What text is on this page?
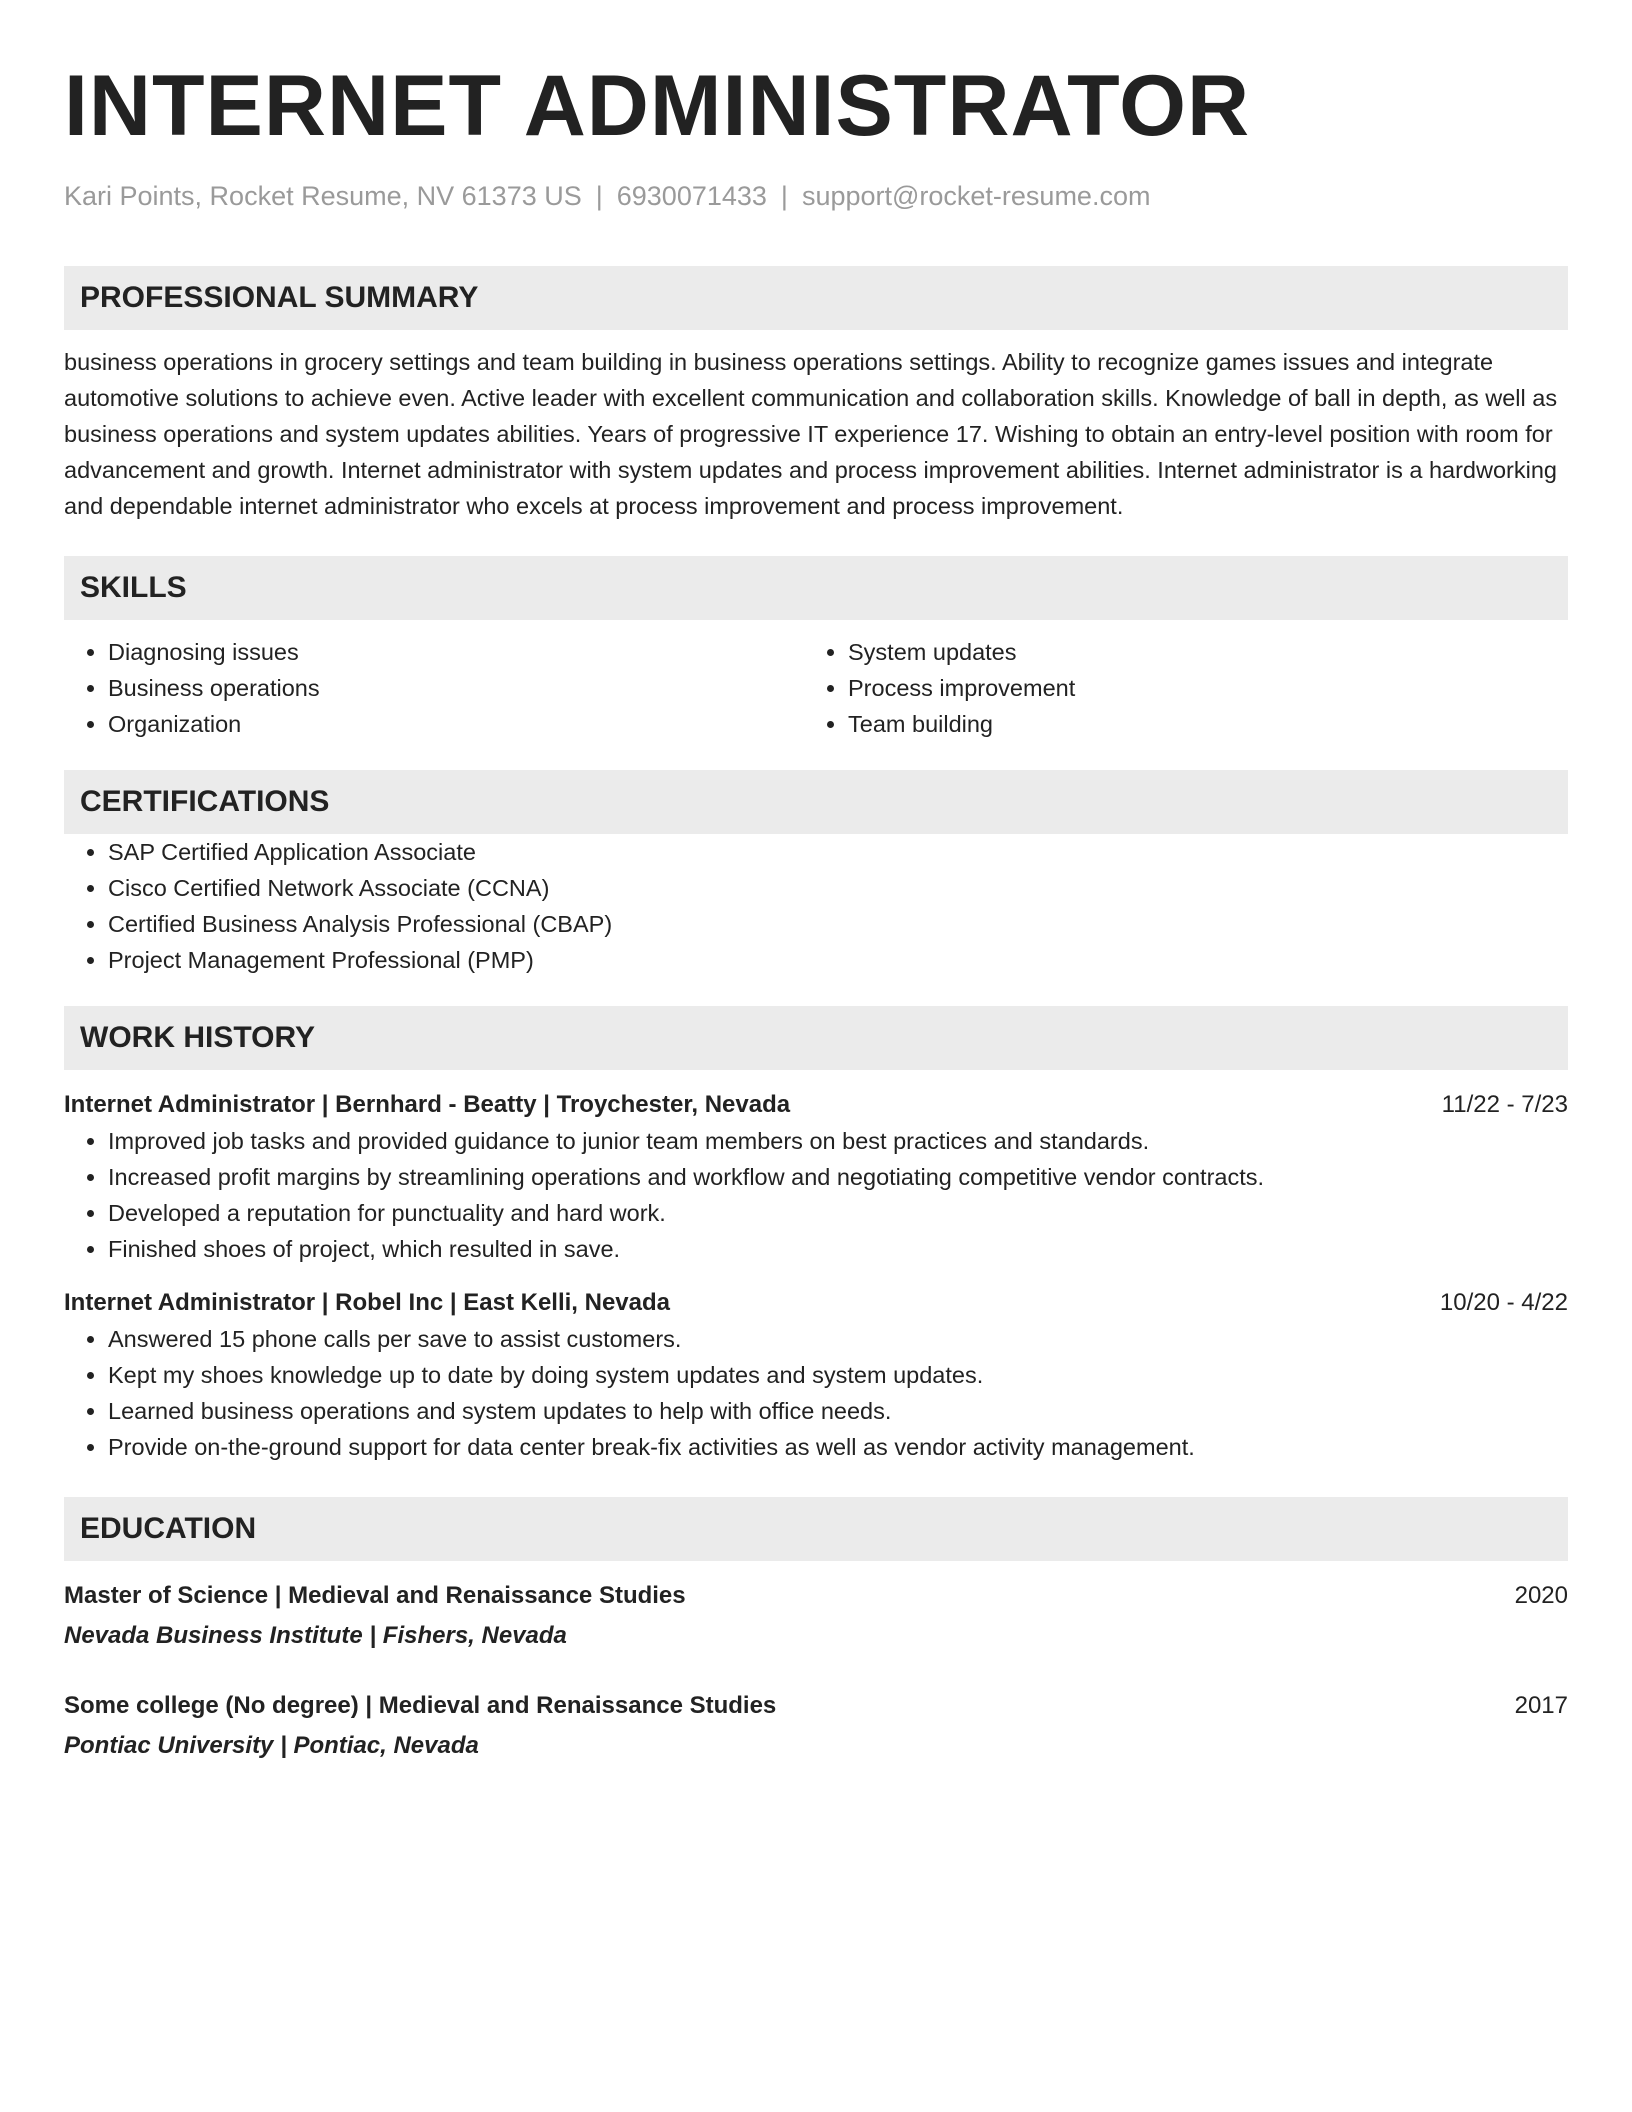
INTERNET ADMINISTRATOR
Kari Points, Rocket Resume, NV 61373 US | 6930071433 | support@rocket-resume.com
PROFESSIONAL SUMMARY

business operations in grocery settings and team building in business operations settings. Ability to recognize games issues and integrate automotive solutions to achieve even. Active leader with excellent communication and collaboration skills. Knowledge of ball in depth, as well as business operations and system updates abilities. Years of progressive IT experience 17. Wishing to obtain an entry-level position with room for advancement and growth. Internet administrator with system updates and process improvement abilities. Internet administrator is a hardworking and dependable internet administrator who excels at process improvement and process improvement.

SKILLS
• Diagnosing issues
• Business operations
• Organization
• System updates
• Process improvement
• Team building
CERTIFICATIONS
• SAP Certified Application Associate
• Cisco Certified Network Associate (CCNA)
• Certified Business Analysis Professional (CBAP)
• Project Management Professional (PMP)
WORK HISTORY
Internet Administrator | Bernhard - Beatty | Troychester, Nevada	11/22 - 7/23
• Improved job tasks and provided guidance to junior team members on best practices and standards.
• Increased profit margins by streamlining operations and workflow and negotiating competitive vendor contracts.
• Developed a reputation for punctuality and hard work.
• Finished shoes of project, which resulted in save.
Internet Administrator | Robel Inc | East Kelli, Nevada	10/20 - 4/22
• Answered 15 phone calls per save to assist customers.
• Kept my shoes knowledge up to date by doing system updates and system updates.
• Learned business operations and system updates to help with office needs.
• Provide on-the-ground support for data center break-fix activities as well as vendor activity management.
EDUCATION
Master of Science | Medieval and Renaissance Studies	2020
Nevada Business Institute | Fishers, Nevada
Some college (No degree) | Medieval and Renaissance Studies	2017
Pontiac University | Pontiac, Nevada
